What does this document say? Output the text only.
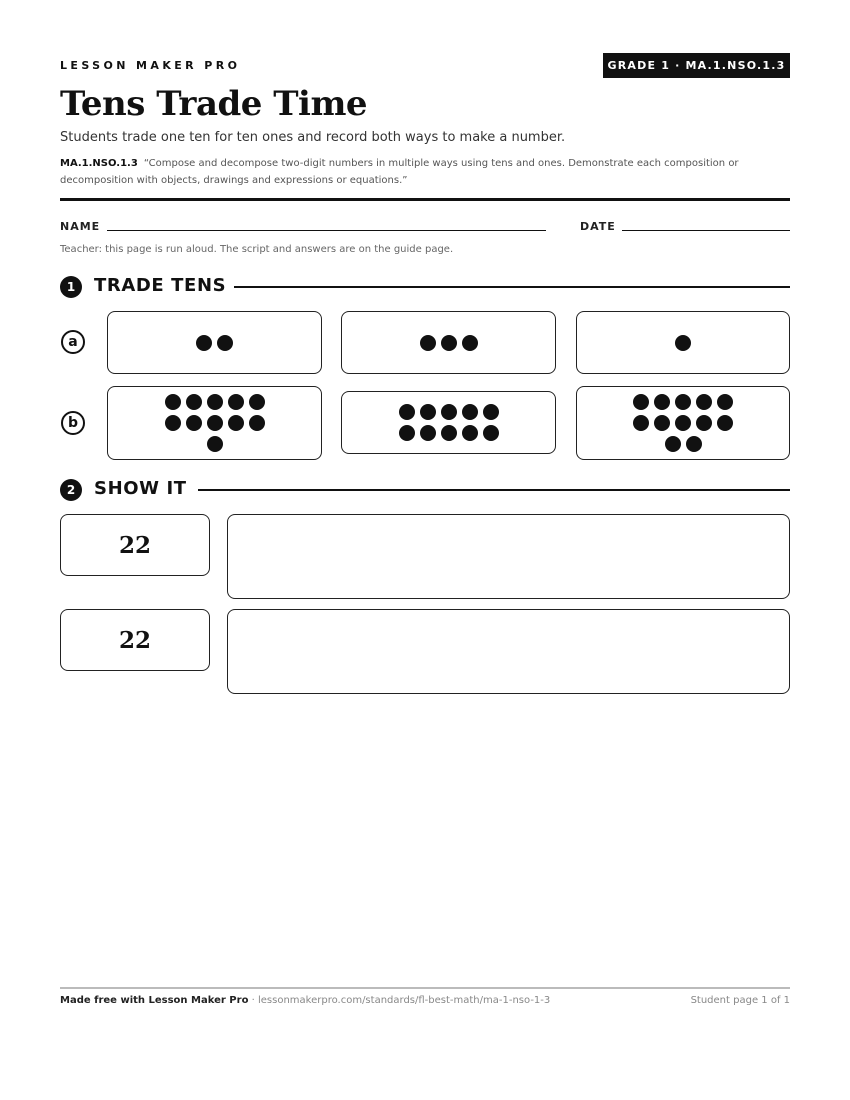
LESSON MAKER PRO	GRADE 1 · MA.1.NSO.1.3
Tens Trade Time
Students trade one ten for ten ones and record both ways to make a number.
MA.1.NSO.1.3 “Compose and decompose two-digit numbers in multiple ways using tens and ones. Demonstrate each composition or decomposition with objects, drawings and expressions or equations.”
NAME	DATE
Teacher: this page is run aloud. The script and answers are on the guide page.
1	TRADE TENS
a
b
2	SHOW IT
22
22
Made free with Lesson Maker Pro · lessonmakerpro.com/standards/fl-best-math/ma-1-nso-1-3	Student page 1 of 1
